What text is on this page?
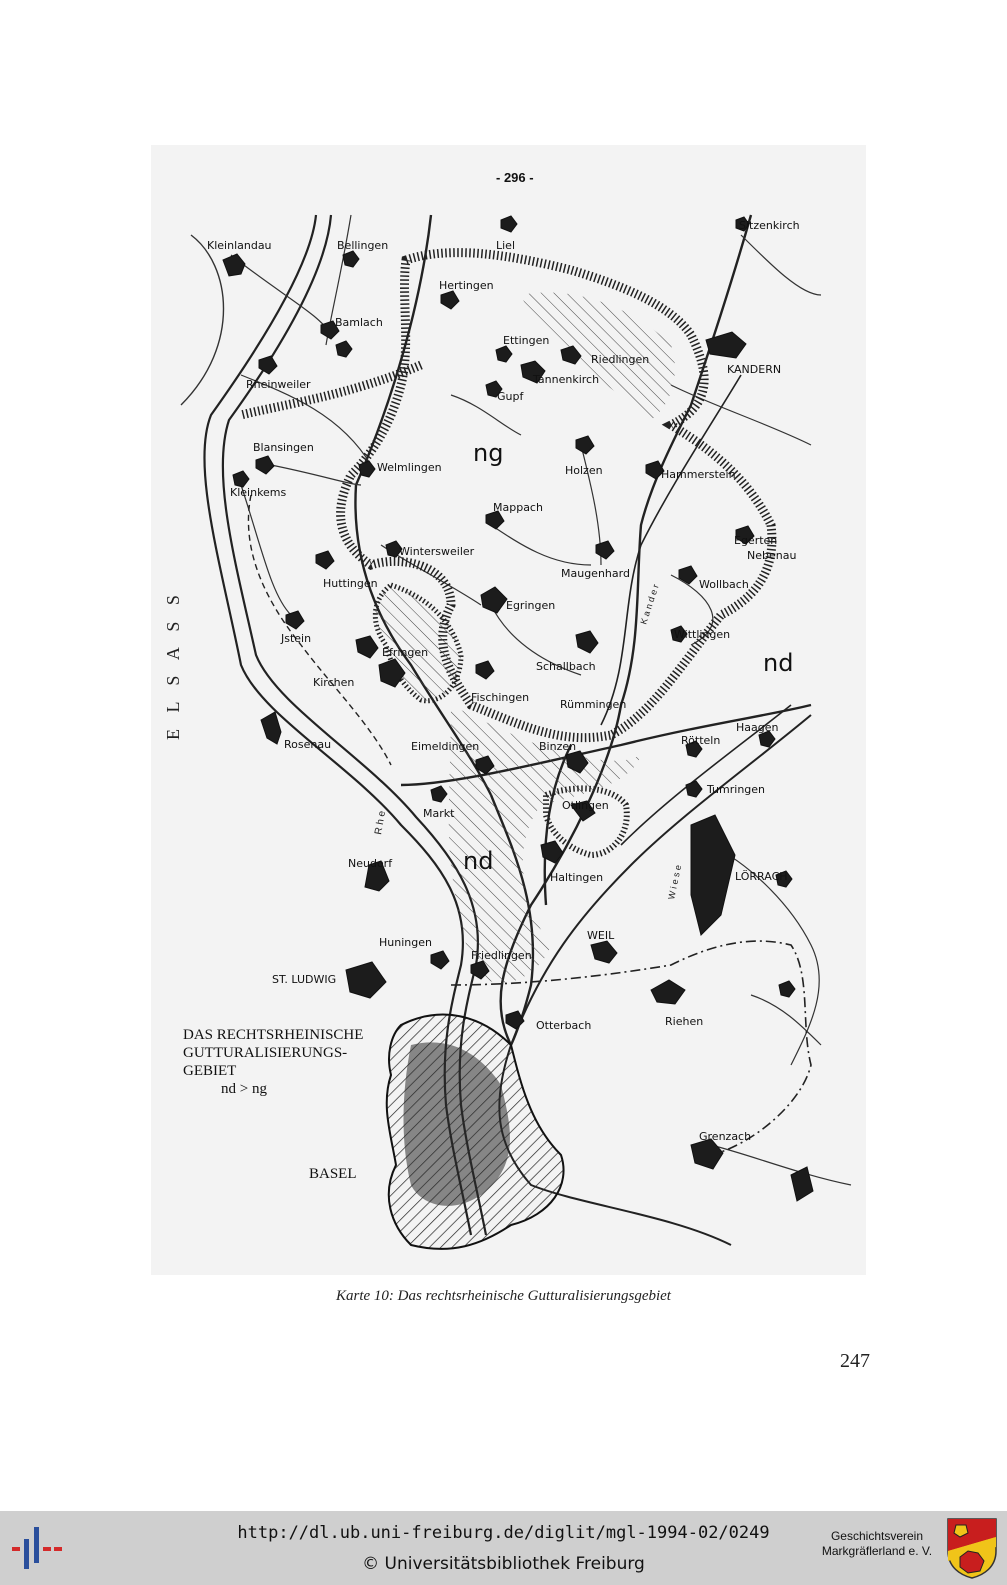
- 296 -
ng
nd
nd
E L S A S S
R h e
W i e s e
K a n d e r
Kleinlandau	Bellingen	Liel
Sitzenkirch
Hertingen
Bamlach
Ettingen
Riedlingen
KANDERN
Rheinweiler	Tannenkirch
Gupf
Blansingen
Welmlingen	Holzen	Hammerstein
Kleinkems
Mappach
Egerten
Nebenau
Wintersweiler
Maugenhard
Wollbach
Huttingen
Egringen
Jstein
Efringen
Wittlingen
Schallbach
Kirchen
Fischingen
Rümmingen
Rosenau	Eimeldingen	Binzen	Rötteln
Haagen
Tumringen
Markt
Otlingen
Neudorf
Haltingen	LÖRRACH
Huningen
WEIL
Friedlingen
ST. LUDWIG
Otterbach	Riehen
Grenzach
DAS RECHTSRHEINISCHE
GUTTURALISIERUNGS-
GEBIET
nd > ng
BASEL
Karte 10: Das rechtsrheinische Gutturalisierungsgebiet
247
http://dl.ub.uni-freiburg.de/diglit/mgl-1994-02/0249
© Universitätsbibliothek Freiburg
Geschichtsverein
Markgräflerland e. V.
